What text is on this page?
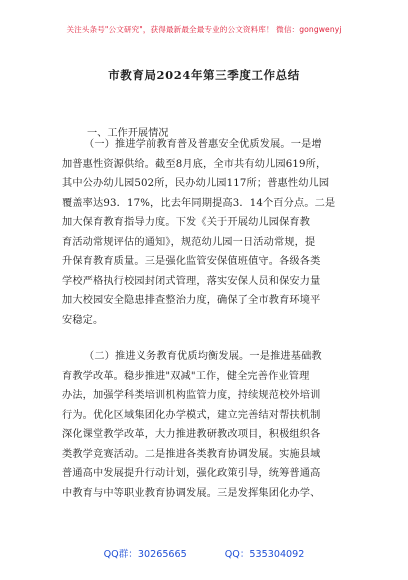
关注头条号"公文研究"，获得最新最全最专业的公文资料库！ 微信：gongwenyj
市教育局2024年第三季度工作总结
一、工作开展情况
（一）推进学前教育普及普惠安全优质发展。一是增
加普惠性资源供给。截至8月底，全市共有幼儿园619所，
其中公办幼儿园502所，民办幼儿园117所；普惠性幼儿园
覆盖率达93．17%，比去年同期提高3．14个百分点。二是
加大保育教育指导力度。下发《关于开展幼儿园保育教
育活动常规评估的通知》，规范幼儿园一日活动常规，提
升保育教育质量。三是强化监管安保值班值守。各级各类
学校严格执行校园封闭式管理，落实安保人员和保安力量
加大校园安全隐患排查整治力度，确保了全市教育环境平
安稳定。
（二）推进义务教育优质均衡发展。一是推进基础教
育教学改革。稳步推进"双减"工作，健全完善作业管理
办法，加强学科类培训机构监管力度，持续规范校外培训
行为。优化区域集团化办学模式，建立完善结对帮扶机制
深化课堂教学改革，大力推进教研教改项目，积极组织各
类教学竞赛活动。二是推进各类教育协调发展。实施县域
普通高中发展提升行动计划，强化政策引导，统筹普通高
中教育与中等职业教育协调发展。三是发挥集团化办学、
QQ群：30265665	QQ：535304092
